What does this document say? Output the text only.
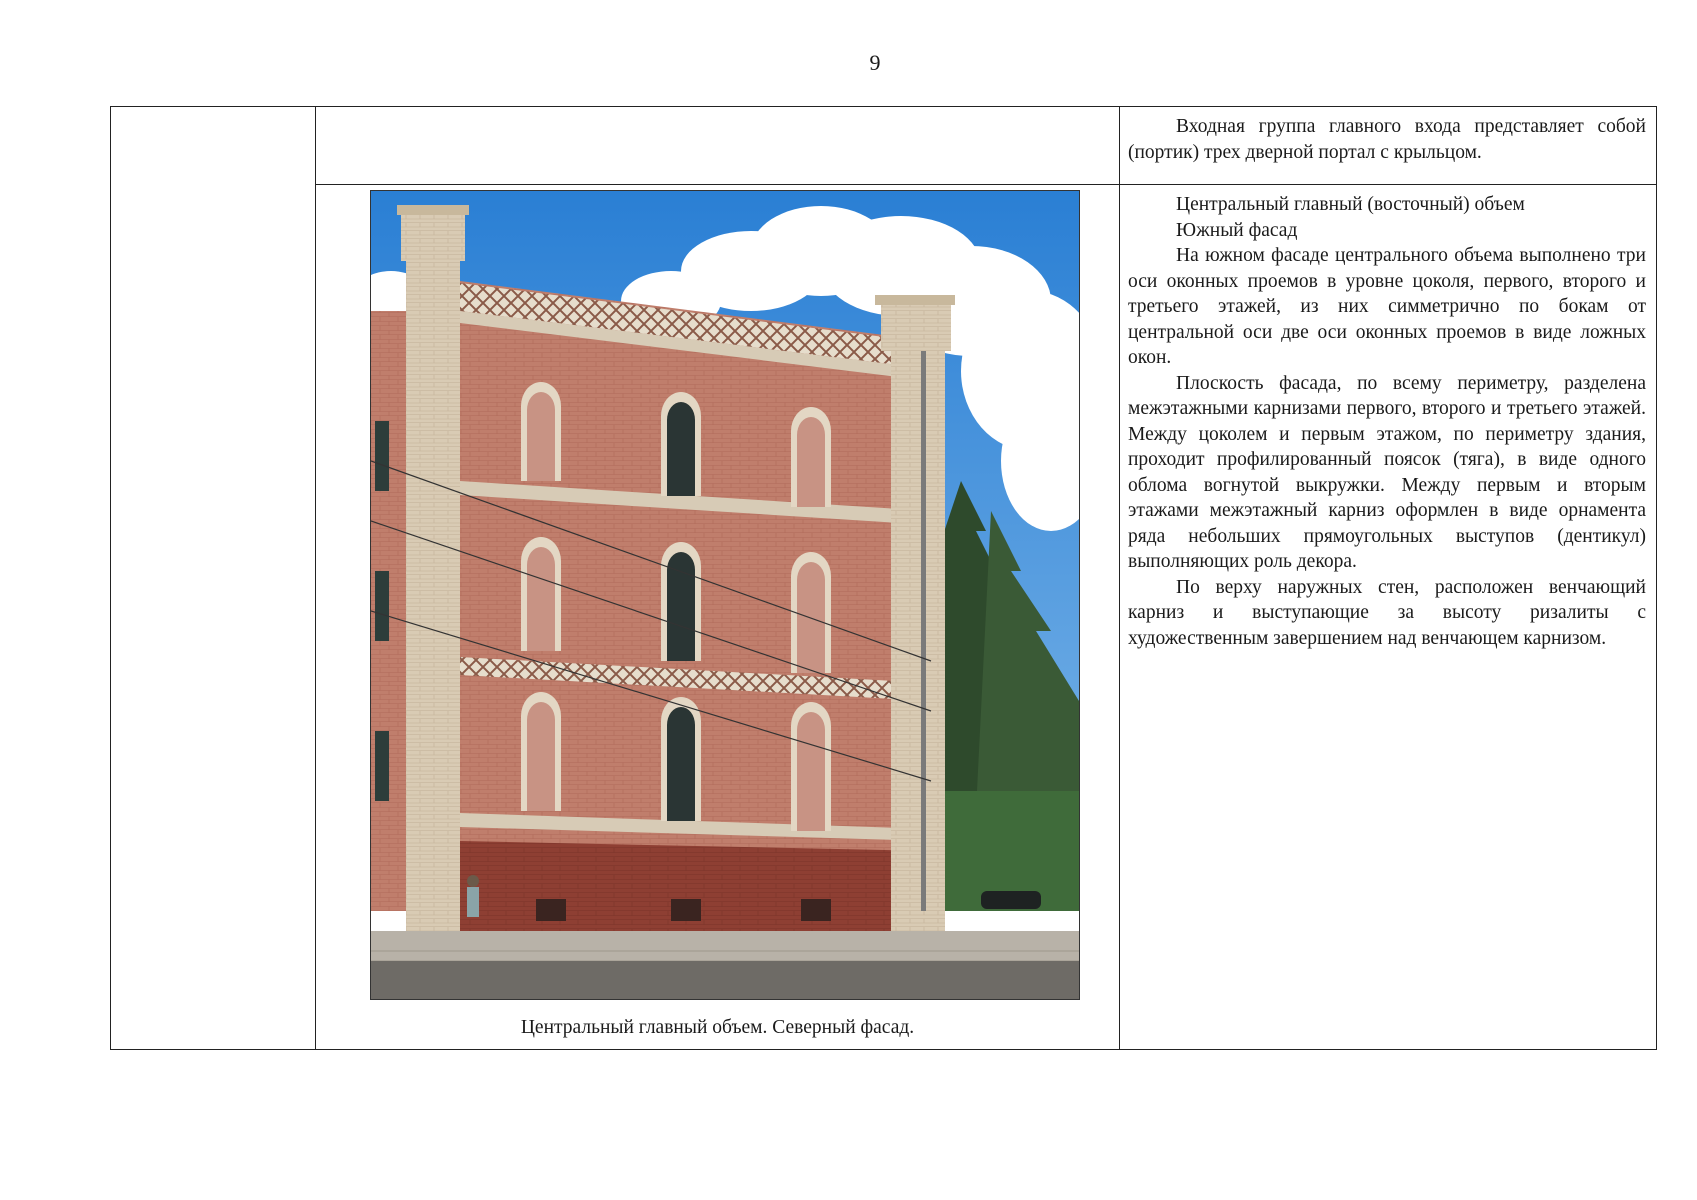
9

		Входная группа главного входа представляет собой (портик) трех дверной портал с крыльцом.

	Центральный главный объем. Северный фасад.	Центральный главный (восточный) объем

Южный фасад

На южном фасаде центрального объема выполнено три оси оконных проемов в уровне цоколя, первого, второго и третьего этажей, из них симметрично по бокам от центральной оси две оси оконных проемов в виде ложных окон.

Плоскость фасада, по всему периметру, разделена межэтажными карнизами первого, второго и третьего этажей. Между цоколем и первым этажом, по периметру здания, проходит профилированный поясок (тяга), в виде одного облома вогнутой выкружки. Между первым и вторым этажами межэтажный карниз оформлен в виде орнамента ряда небольших прямоугольных выступов (дентикул) выполняющих роль декора.

По верху наружных стен, расположен венчающий карниз и выступающие за высоту ризалиты с художественным завершением над венчающем карнизом.
